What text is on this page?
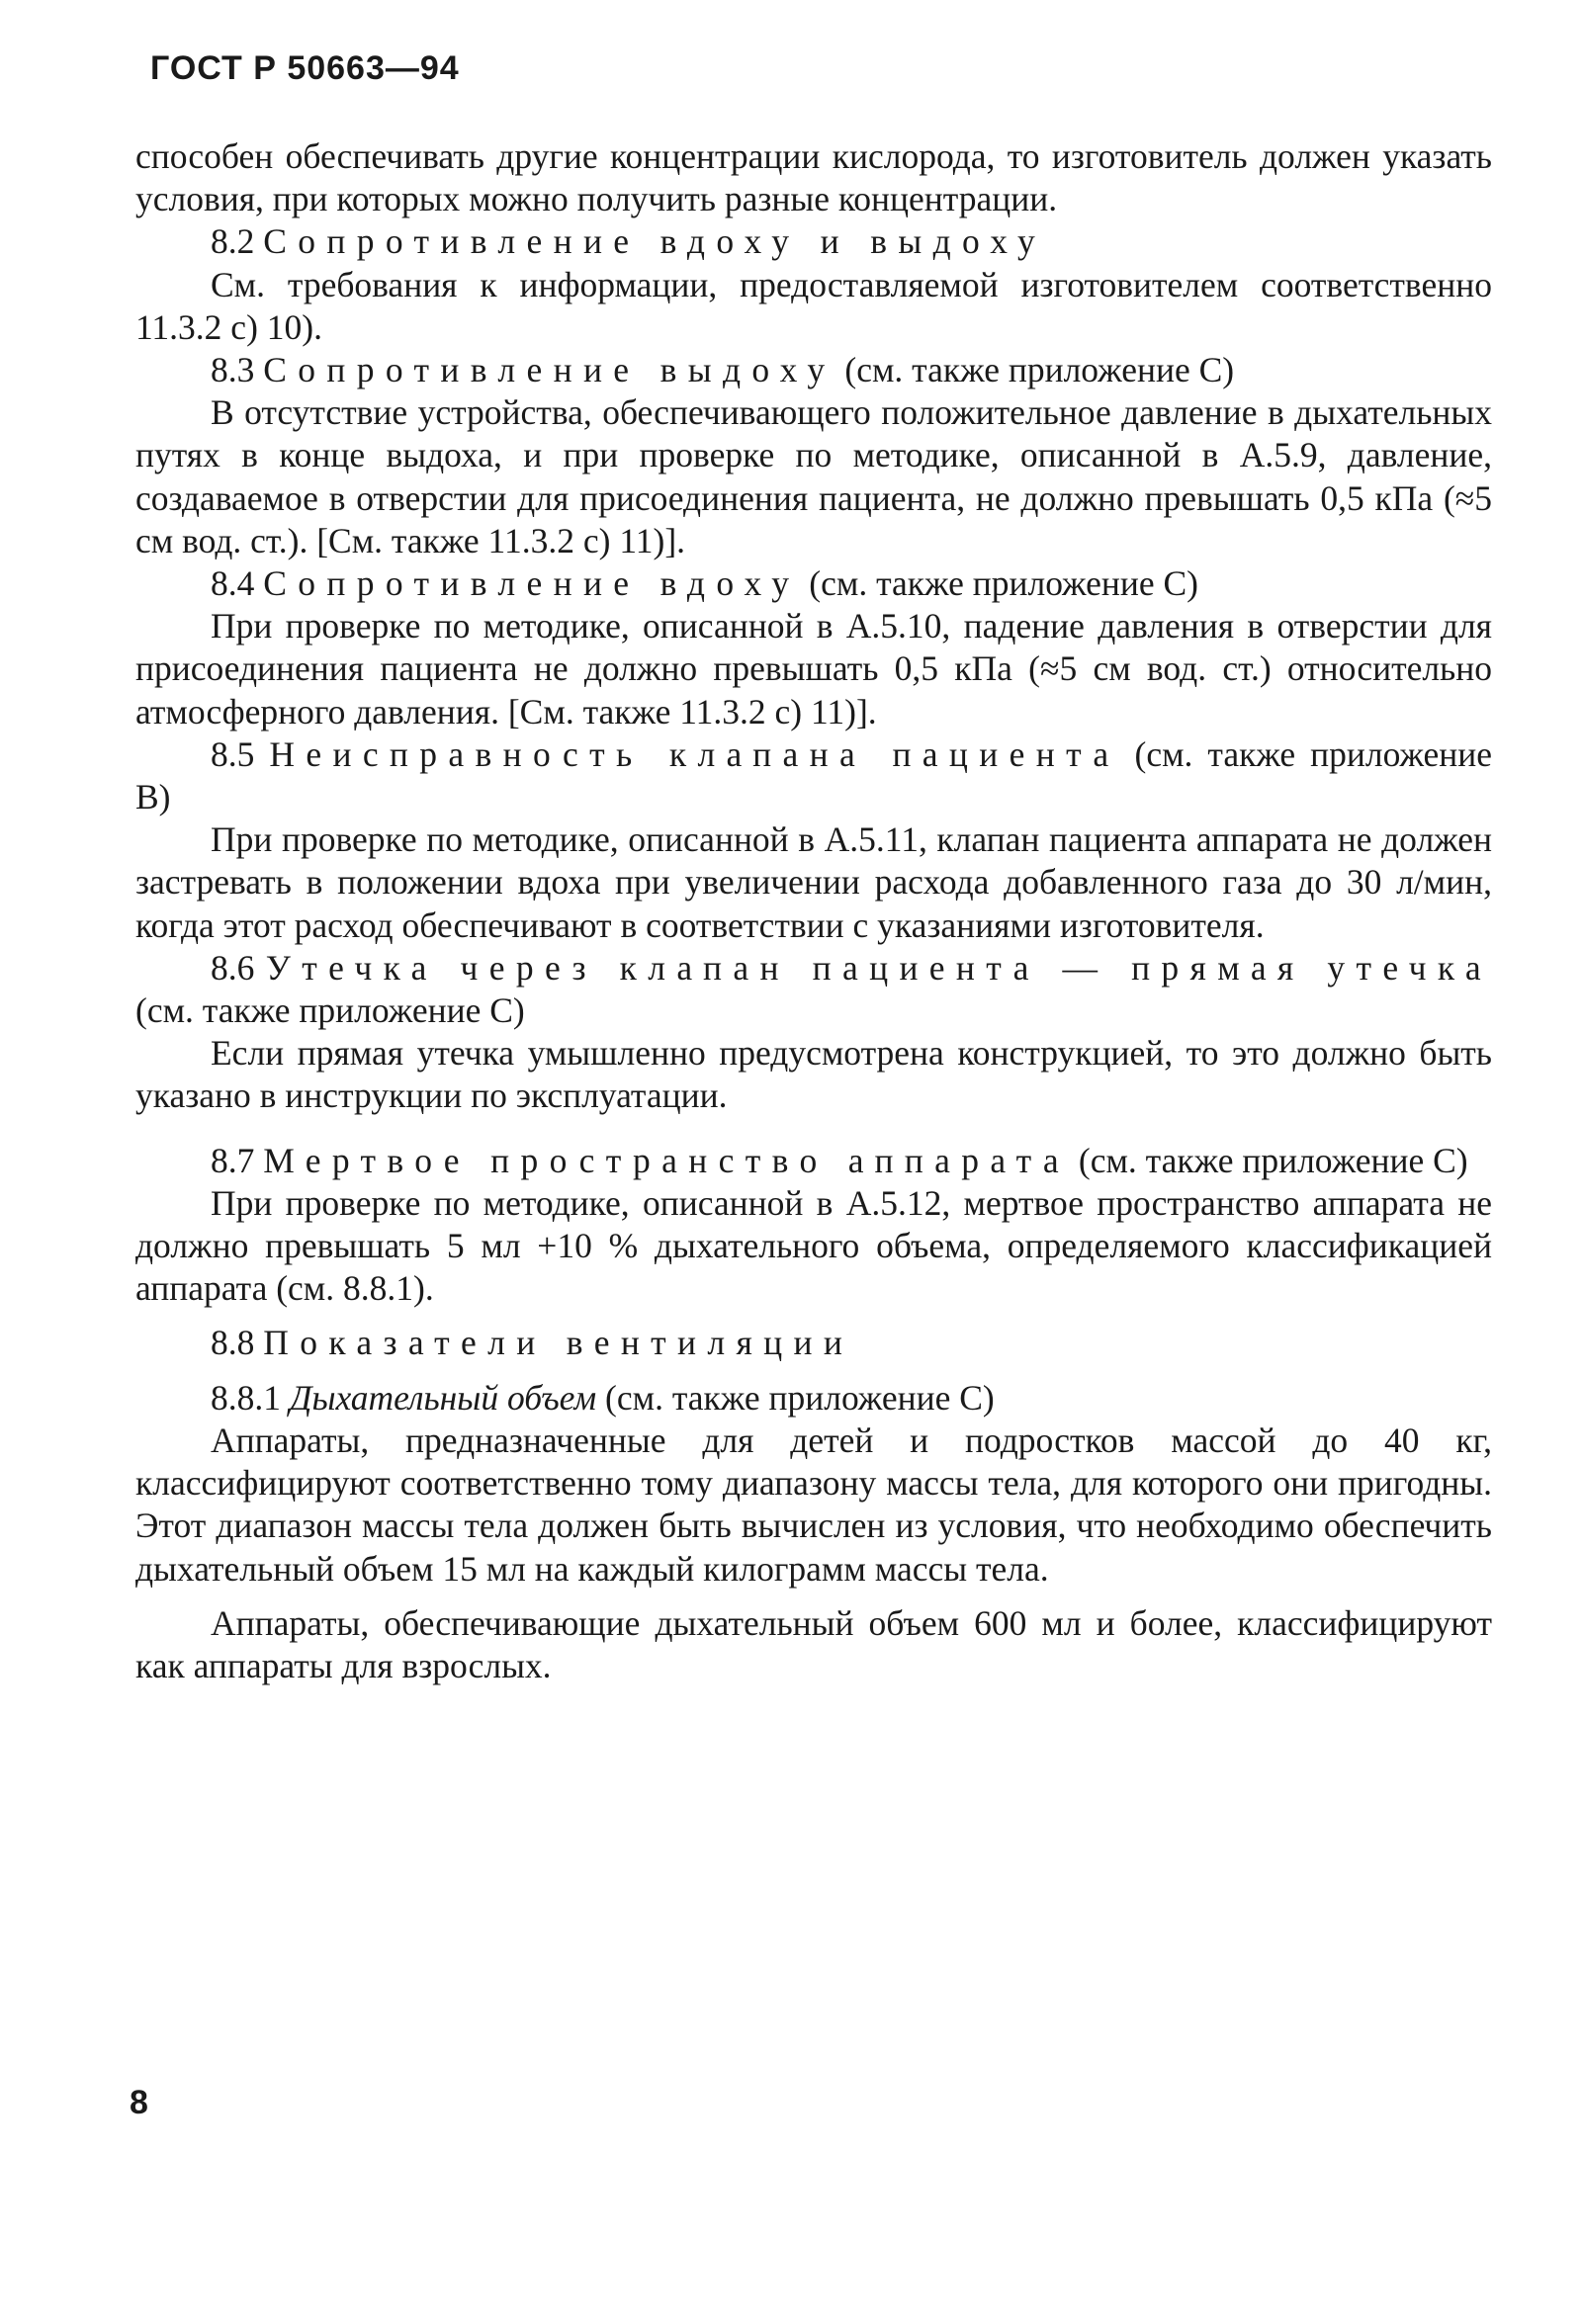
ГОСТ Р 50663—94

способен обеспечивать другие концентрации кислорода, то изготовитель должен указать условия, при которых можно получить разные концентрации.

8.2 Сопротивление вдоху и выдоху

См. требования к информации, предоставляемой изготовителем соответственно 11.3.2 с) 10).

8.3 Сопротивление выдоху (см. также приложение С)

В отсутствие устройства, обеспечивающего положительное давление в дыхательных путях в конце выдоха, и при проверке по методике, описанной в А.5.9, давление, создаваемое в отверстии для присоединения пациента, не должно превышать 0,5 кПа (≈5 см вод. ст.). [См. также 11.3.2 с) 11)].

8.4 Сопротивление вдоху (см. также приложение С)

При проверке по методике, описанной в А.5.10, падение давления в отверстии для присоединения пациента не должно превышать 0,5 кПа (≈5 см вод. ст.) относительно атмосферного давления. [См. также 11.3.2 с) 11)].

8.5 Неисправность клапана пациента (см. также приложение В)

При проверке по методике, описанной в А.5.11, клапан пациента аппарата не должен застревать в положении вдоха при увеличении расхода добавленного газа до 30 л/мин, когда этот расход обеспечивают в соответствии с указаниями изготовителя.

8.6 Утечка через клапан пациента — прямая утечка (см. также приложение С)

Если прямая утечка умышленно предусмотрена конструкцией, то это должно быть указано в инструкции по эксплуатации.

8.7 Мертвое пространство аппарата (см. также приложение С)

При проверке по методике, описанной в А.5.12, мертвое пространство аппарата не должно превышать 5 мл +10 % дыхательного объема, определяемого классификацией аппарата (см. 8.8.1).

8.8 Показатели вентиляции

8.8.1 Дыхательный объем (см. также приложение С)

Аппараты, предназначенные для детей и подростков массой до 40 кг, классифицируют соответственно тому диапазону массы тела, для которого они пригодны. Этот диапазон массы тела должен быть вычислен из условия, что необходимо обеспечить дыхательный объем 15 мл на каждый килограмм массы тела.

Аппараты, обеспечивающие дыхательный объем 600 мл и более, классифицируют как аппараты для взрослых.

8
